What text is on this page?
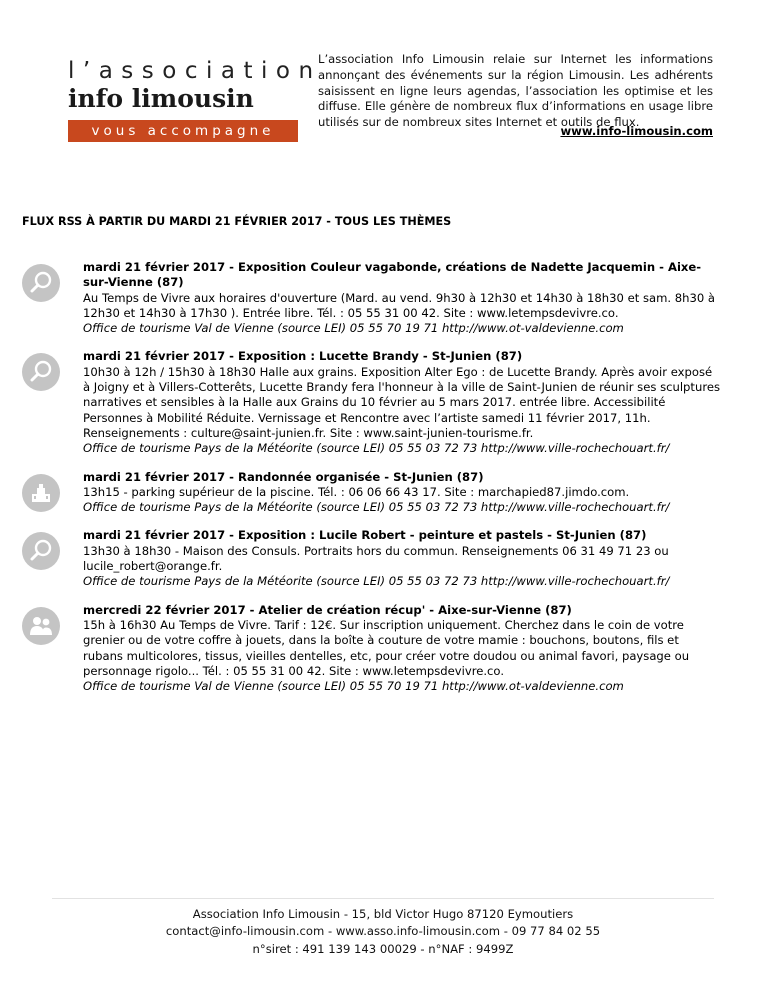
l’association
info limousin
vous accompagne
L’association Info Limousin relaie sur Internet les informations annonçant des événements sur la région Limousin. Les adhérents saisissent en ligne leurs agendas, l’association les optimise et les diffuse. Elle génère de nombreux flux d’informations en usage libre utilisés sur de nombreux sites Internet et outils de flux.
www.info-limousin.com
FLUX RSS À PARTIR DU MARDI 21 FÉVRIER 2017 - TOUS LES THÈMES
mardi 21 février 2017 - Exposition Couleur vagabonde, créations de Nadette Jacquemin - Aixe-sur-Vienne (87)
Au Temps de Vivre aux horaires d'ouverture (Mard. au vend. 9h30 à 12h30 et 14h30 à 18h30 et sam. 8h30 à 12h30 et 14h30 à 17h30 ). Entrée libre. Tél. : 05 55 31 00 42. Site : www.letempsdevivre.co.
Office de tourisme Val de Vienne (source LEI) 05 55 70 19 71 http://www.ot-valdevienne.com
mardi 21 février 2017 - Exposition : Lucette Brandy - St-Junien (87)
10h30 à 12h / 15h30 à 18h30 Halle aux grains. Exposition Alter Ego : de Lucette Brandy. Après avoir exposé à Joigny et à Villers-Cotterêts, Lucette Brandy fera l'honneur à la ville de Saint-Junien de réunir ses sculptures narratives et sensibles à la Halle aux Grains du 10 février au 5 mars 2017. entrée libre. Accessibilité Personnes à Mobilité Réduite. Vernissage et Rencontre avec l’artiste samedi 11 février 2017, 11h. Renseignements : culture@saint-junien.fr. Site : www.saint-junien-tourisme.fr.
Office de tourisme Pays de la Météorite (source LEI) 05 55 03 72 73 http://www.ville-rochechouart.fr/
mardi 21 février 2017 - Randonnée organisée - St-Junien (87)
13h15 - parking supérieur de la piscine. Tél. : 06 06 66 43 17. Site : marchapied87.jimdo.com.
Office de tourisme Pays de la Météorite (source LEI) 05 55 03 72 73 http://www.ville-rochechouart.fr/
mardi 21 février 2017 - Exposition : Lucile Robert - peinture et pastels - St-Junien (87)
13h30 à 18h30 - Maison des Consuls. Portraits hors du commun. Renseignements 06 31 49 71 23 ou lucile_robert@orange.fr.
Office de tourisme Pays de la Météorite (source LEI) 05 55 03 72 73 http://www.ville-rochechouart.fr/
mercredi 22 février 2017 - Atelier de création récup' - Aixe-sur-Vienne (87)
15h à 16h30 Au Temps de Vivre. Tarif : 12€. Sur inscription uniquement. Cherchez dans le coin de votre grenier ou de votre coffre à jouets, dans la boîte à couture de votre mamie : bouchons, boutons, fils et rubans multicolores, tissus, vieilles dentelles, etc, pour créer votre doudou ou animal favori, paysage ou personnage rigolo... Tél. : 05 55 31 00 42. Site : www.letempsdevivre.co.
Office de tourisme Val de Vienne (source LEI) 05 55 70 19 71 http://www.ot-valdevienne.com
Association Info Limousin - 15, bld Victor Hugo 87120 Eymoutiers
contact@info-limousin.com - www.asso.info-limousin.com - 09 77 84 02 55
n°siret : 491 139 143 00029 - n°NAF : 9499Z
